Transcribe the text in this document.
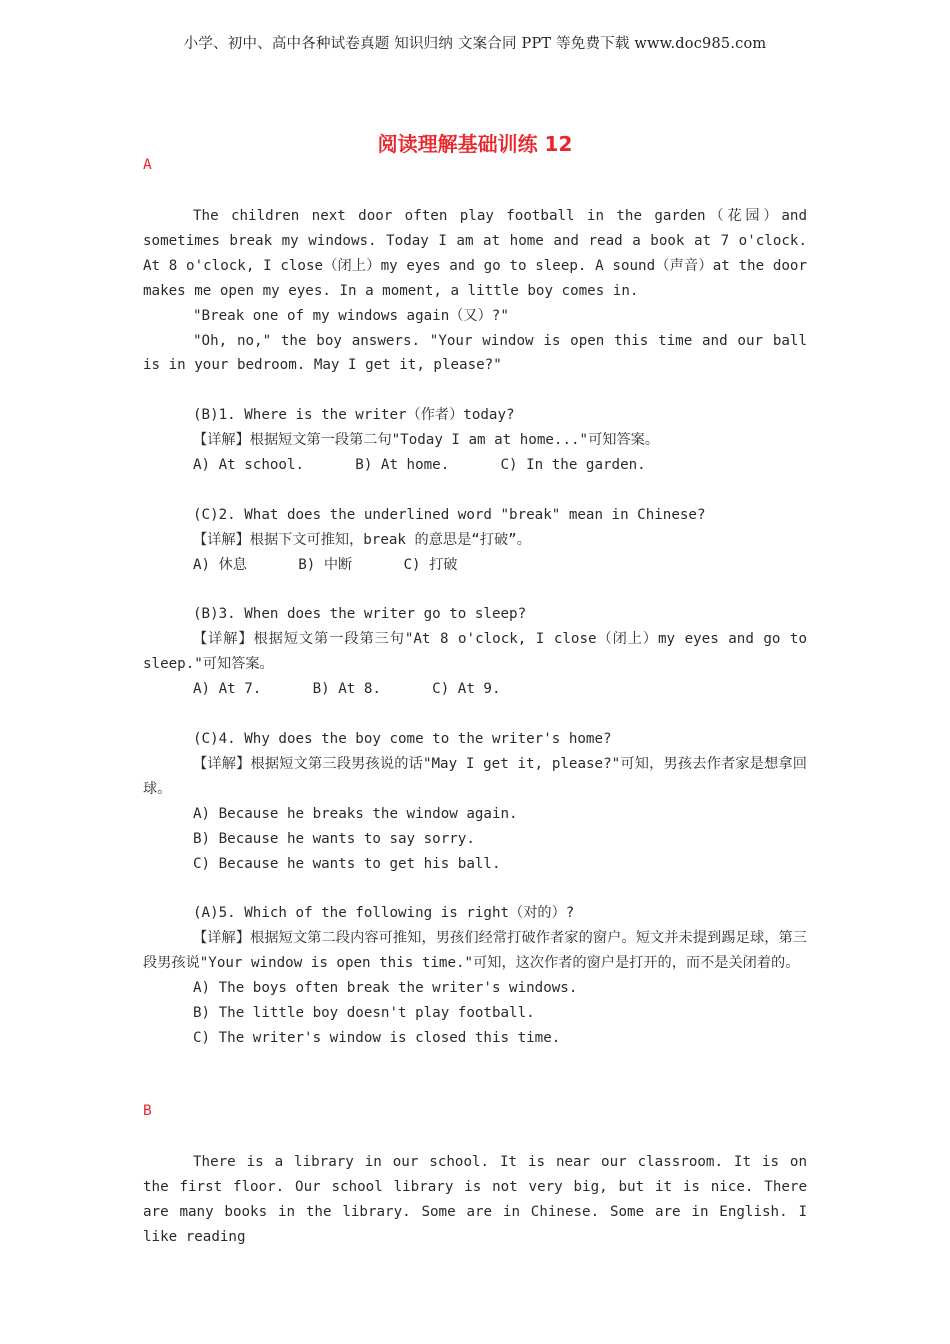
小学、初中、高中各种试卷真题 知识归纳 文案合同 PPT 等免费下载 www.doc985.com
阅读理解基础训练 12
A

The children next door often play football in the garden（花园）and sometimes break my windows. Today I am at home and read a book at 7 o'clock. At 8 o'clock, I close（闭上）my eyes and go to sleep. A sound（声音）at the door makes me open my eyes. In a moment, a little boy comes in.

"Break one of my windows again（又）?"

"Oh, no," the boy answers. "Your window is open this time and our ball is in your bedroom. May I get it, please?"

(B)1. Where is the writer（作者）today?

【详解】根据短文第一段第二句"Today I am at home..."可知答案。

A) At school.      B) At home.      C) In the garden.

(C)2. What does the underlined word "break" mean in Chinese?

【详解】根据下文可推知，break 的意思是“打破”。

A) 休息      B) 中断      C) 打破

(B)3. When does the writer go to sleep?

【详解】根据短文第一段第三句"At 8 o'clock, I close（闭上）my eyes and go to sleep."可知答案。

A) At 7.      B) At 8.      C) At 9.

(C)4. Why does the boy come to the writer's home?

【详解】根据短文第三段男孩说的话"May I get it, please?"可知，男孩去作者家是想拿回球。

A) Because he breaks the window again.

B) Because he wants to say sorry.

C) Because he wants to get his ball.

(A)5. Which of the following is right（对的）?

【详解】根据短文第二段内容可推知，男孩们经常打破作者家的窗户。短文并未提到踢足球，第三段男孩说"Your window is open this time."可知，这次作者的窗户是打开的，而不是关闭着的。

A) The boys often break the writer's windows.

B) The little boy doesn't play football.

C) The writer's window is closed this time.

B

There is a library in our school. It is near our classroom. It is on the first floor. Our school library is not very big, but it is nice. There are many books in the library. Some are in Chinese. Some are in English. I like reading
